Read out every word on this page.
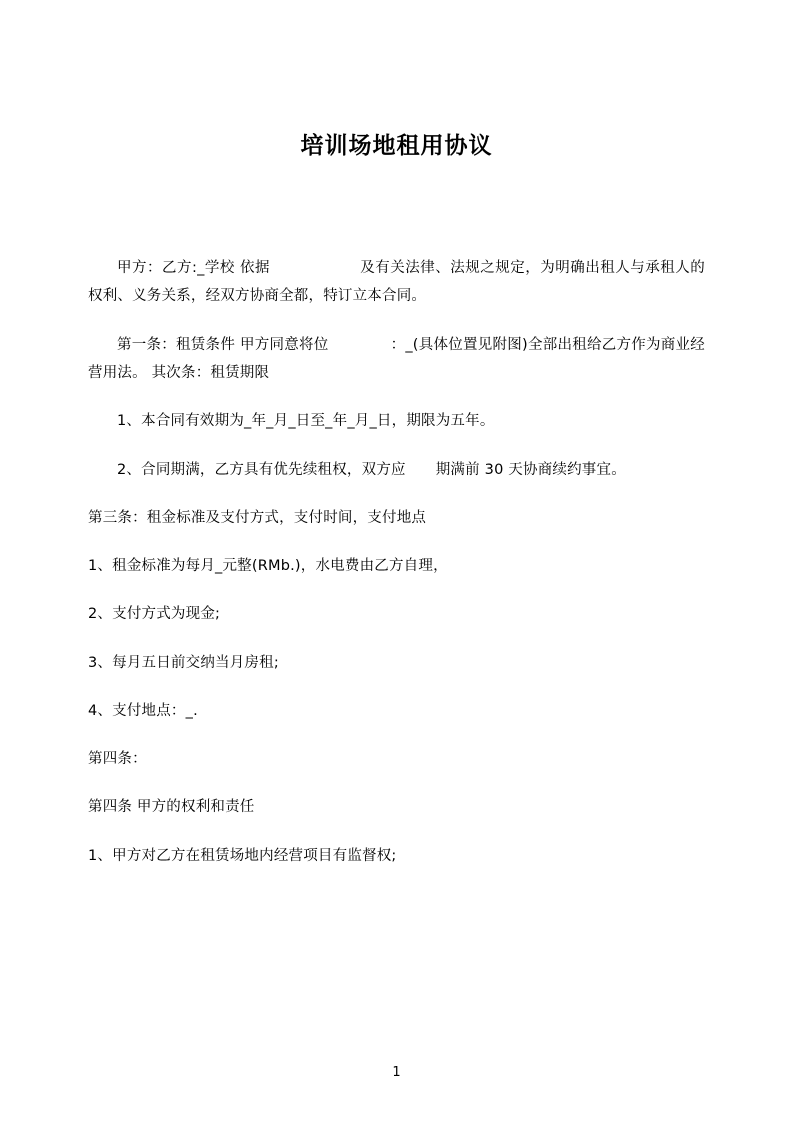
培训场地租用协议

甲方：乙方:_学校 依据	及有关法律、法规之规定，为明确出租人与承租人的权利、义务关系，经双方协商全都，特订立本合同。

第一条：租赁条件 甲方同意将位	：_(具体位置见附图)全部出租给乙方作为商业经营用法。 其次条：租赁期限

1、本合同有效期为_年_月_日至_年_月_日，期限为五年。

2、合同期满，乙方具有优先续租权，双方应 期满前 30 天协商续约事宜。

第三条：租金标准及支付方式，支付时间，支付地点

1、租金标准为每月_元整(RMb.)，水电费由乙方自理，

2、支付方式为现金;

3、每月五日前交纳当月房租;

4、支付地点：_.

第四条：

第四条 甲方的权利和责任

1、甲方对乙方在租赁场地内经营项目有监督权;

1
